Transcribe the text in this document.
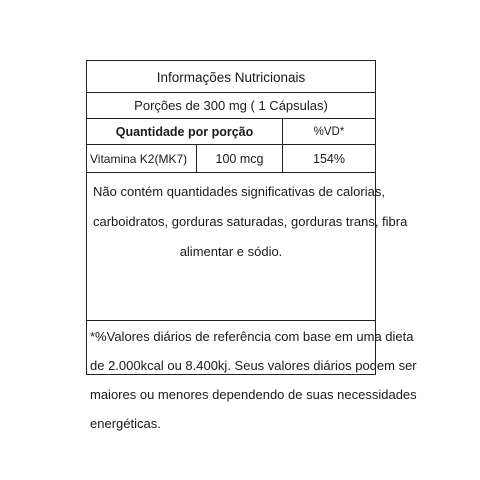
Informações Nutricionais
Porções de 300 mg ( 1 Cápsulas)
Quantidade por porção	%VD*
Vitamina K2(MK7)	100 mcg	154%

Não contém quantidades significativas de calorias,
carboidratos, gorduras saturadas, gorduras trans, fibra
alimentar e sódio.

*%Valores diários de referência com base em uma dieta
de 2.000kcal ou 8.400kj. Seus valores diários podem ser
maiores ou menores dependendo de suas necessidades
energéticas.
